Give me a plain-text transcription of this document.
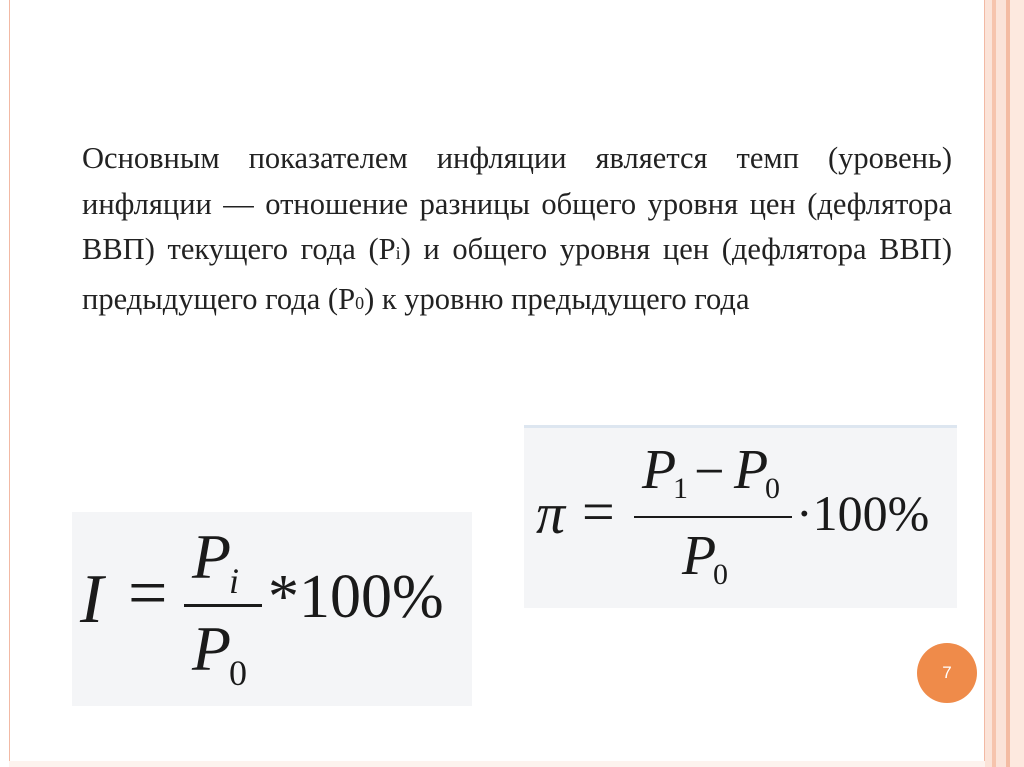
Основным показателем инфляции является темп (уровень) инфляции — отношение разницы общего уровня цен (дефлятора ВВП) текущего года (Pi) и общего уровня цен (дефлятора ВВП) предыдущего года (P0) к уровню предыдущего года
I = P
i
P
0
*100%
π =
P
1 − P
0
P
0
·100%
7
